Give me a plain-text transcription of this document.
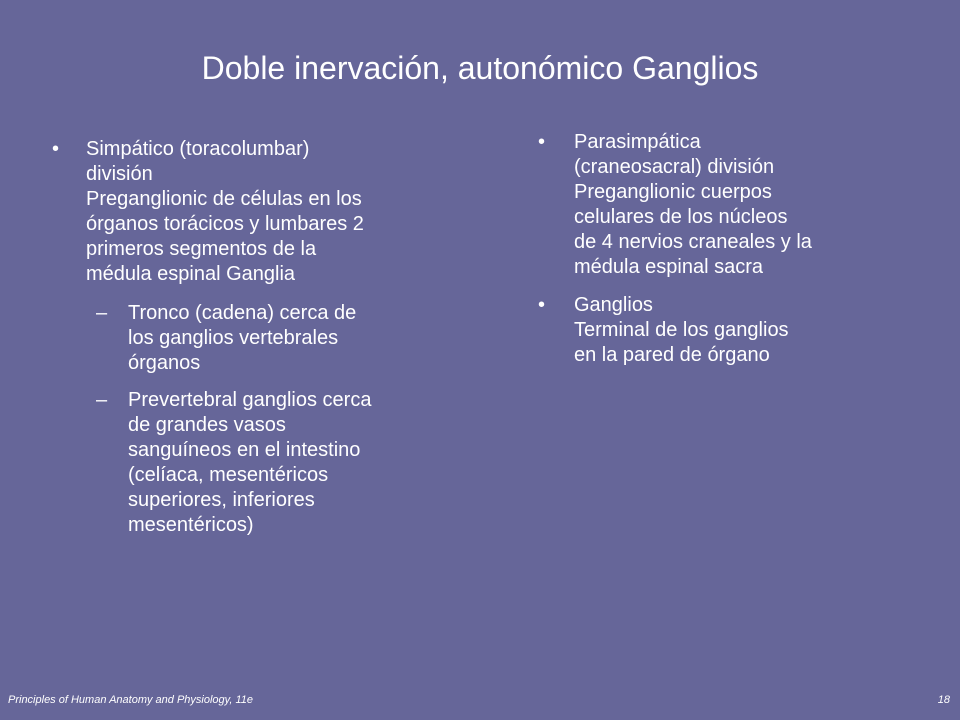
Doble inervación, autonómico Ganglios
• Simpático (toracolumbar)
división
Preganglionic de células en los
órganos torácicos y lumbares 2
primeros segmentos de la
médula espinal Ganglia
– Tronco (cadena) cerca de
los ganglios vertebrales
órganos
– Prevertebral ganglios cerca
de grandes vasos
sanguíneos en el intestino
(celíaca, mesentéricos
superiores, inferiores
mesentéricos)
• Parasimpática
(craneosacral) división
Preganglionic cuerpos
celulares de los núcleos
de 4 nervios craneales y la
médula espinal sacra
• Ganglios
Terminal de los ganglios
en la pared de órgano
Principles of Human Anatomy and Physiology, 11e	18
